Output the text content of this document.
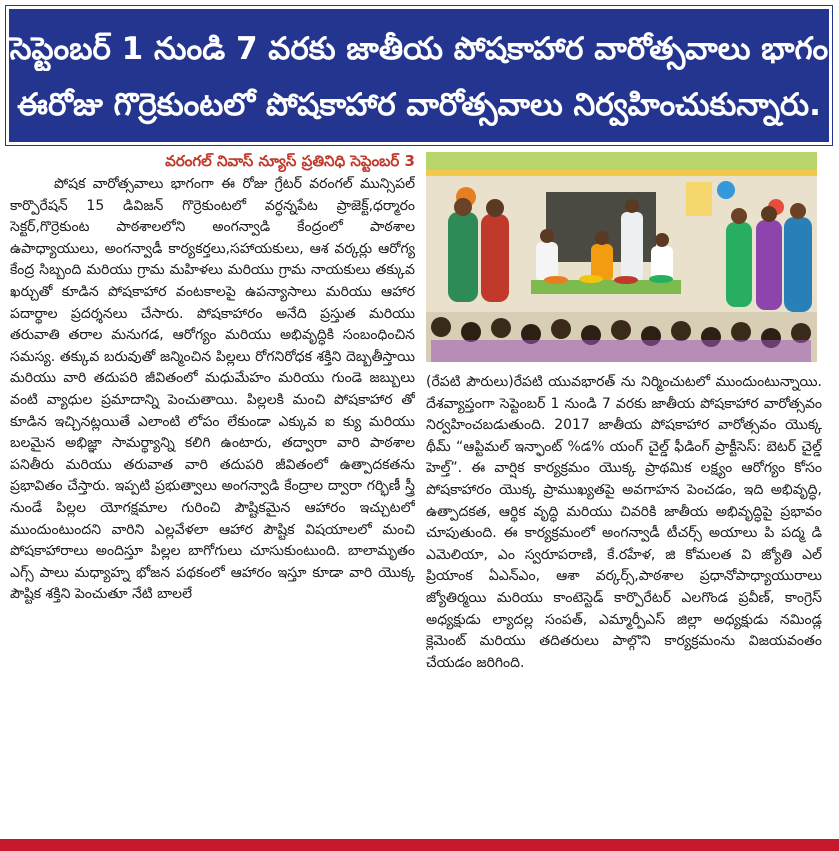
సెప్టెంబర్ 1 నుండి 7 వరకు జాతీయ పోషకాహార వారోత్సవాలు భాగం
ఈరోజు గొర్రెకుంటలో పోషకాహార వారోత్సవాలు నిర్వహించుకున్నారు.
వరంగల్ నివాస్ న్యూస్ ప్రతినిధి సెప్టెంబర్ 3

పోషక వారోత్సవాలు భాగంగా ఈ రోజు గ్రేటర్ వరంగల్ మున్సిపల్ కార్పొరేషన్ 15 డివిజన్ గొర్రెకుంటలో వర్ధన్నపేట ప్రాజెక్ట్,ధర్మారం సెక్టర్,గొర్రెకుంట పాఠశాలలోని అంగన్వాడి కేంద్రంలో పాఠశాల ఉపాధ్యాయులు, అంగన్వాడీ కార్యకర్తలు,సహాయకులు, ఆశ వర్కర్లు ఆరోగ్య కేంద్ర సిబ్బంది మరియు గ్రామ మహిళలు మరియు గ్రామ నాయకులు తక్కువ ఖర్చుతో కూడిన పోషకాహార వంటకాలపై ఉపన్యాసాలు మరియు ఆహార పదార్థాల ప్రదర్శనలు చేసారు. పోషకాహారం అనేది ప్రస్తుత మరియు తరువాతి తరాల మనుగడ, ఆరోగ్యం మరియు అభివృద్ధికి సంబంధించిన సమస్య. తక్కువ బరువుతో జన్మించిన పిల్లలు రోగనిరోధక శక్తిని దెబ్బతీస్తాయి మరియు వారి తదుపరి జీవితంలో మధుమేహం మరియు గుండె జబ్బులు వంటి వ్యాధుల ప్రమాదాన్ని పెంచుతాయి. పిల్లలకి మంచి పోషకాహార తో కూడిన ఇచ్చినట్లయితే ఎలాంటి లోపం లేకుండా ఎక్కువ ఐ క్యు మరియు బలమైన అభిజ్ఞా సామర్థ్యాన్ని కలిగి ఉంటారు, తద్వారా వారి పాఠశాల పనితీరు మరియు తరువాత వారి తదుపరి జీవితంలో ఉత్పాదకతను ప్రభావితం చేస్తారు. ఇప్పటి ప్రభుత్వాలు అంగన్వాడి కేంద్రాల ద్వారా గర్భిణీ స్త్రీ నుండే పిల్లల యోగక్షమాల గురించి పౌష్టికమైన ఆహారం ఇచ్చుటలో ముందుంటుందని వారిని ఎల్లవేళలా ఆహార పౌష్టిక విషయాలలో మంచి పోషకాహారాలు అందిస్తూ పిల్లల బాగోగులు చూసుకుంటుంది. బాలామృతం ఎగ్స్ పాలు మధ్యాహ్న భోజన పథకంలో ఆహారం ఇస్తూ కూడా వారి యొక్క పౌష్టిక శక్తిని పెంచుతూ నేటి బాలలే

(రేపటి పౌరులు)రేపటి యువభారత్ ను నిర్మించుటలో ముందుంటున్నాయి. దేశవ్యాప్తంగా సెప్టెంబర్ 1 నుండి 7 వరకు జాతీయ పోషకాహార వారోత్సవం నిర్వహించబడుతుంది. 2017 జాతీయ పోషకాహార వారోత్సవం యొక్క థీమ్ “ఆప్టిమల్ ఇన్ఫాంట్ %డ% యంగ్ చైల్డ్ ఫీడింగ్ ప్రాక్టీసెస్: బెటర్ చైల్డ్ హెల్త్”. ఈ వార్షిక కార్యక్రమం యొక్క ప్రాథమిక లక్ష్యం ఆరోగ్యం కోసం పోషకాహారం యొక్క ప్రాముఖ్యతపై అవగాహన పెంచడం, ఇది అభివృద్ధి, ఉత్పాదకత, ఆర్థిక వృద్ధి మరియు చివరికి జాతీయ అభివృద్ధిపై ప్రభావం చూపుతుంది. ఈ కార్యక్రమంలో అంగన్వాడీ టీచర్స్ అయాలు పి పద్మ డి ఎమెలియా, ఎం స్వరూపరాణి, కే.రహేళ, జి కోమలత వి జ్యోతి ఎల్ ప్రియాంక ఏఎన్ఎం, ఆశా వర్కర్స్,పాఠశాల ప్రధానోపాధ్యాయురాలు జ్యోతిర్మయి మరియు కాంటెస్టెడ్ కార్పొరేటర్ ఎలగొండ ప్రవీణ్, కాంగ్రెస్ అధ్యక్షుడు ల్యాదల్ల సంపత్, ఎమ్మార్పీఎస్ జిల్లా అధ్యక్షుడు నమిండ్ల క్లెమెంట్ మరియు తదితరులు పాల్గొని కార్యక్రమంను విజయవంతం చేయడం జరిగింది.
